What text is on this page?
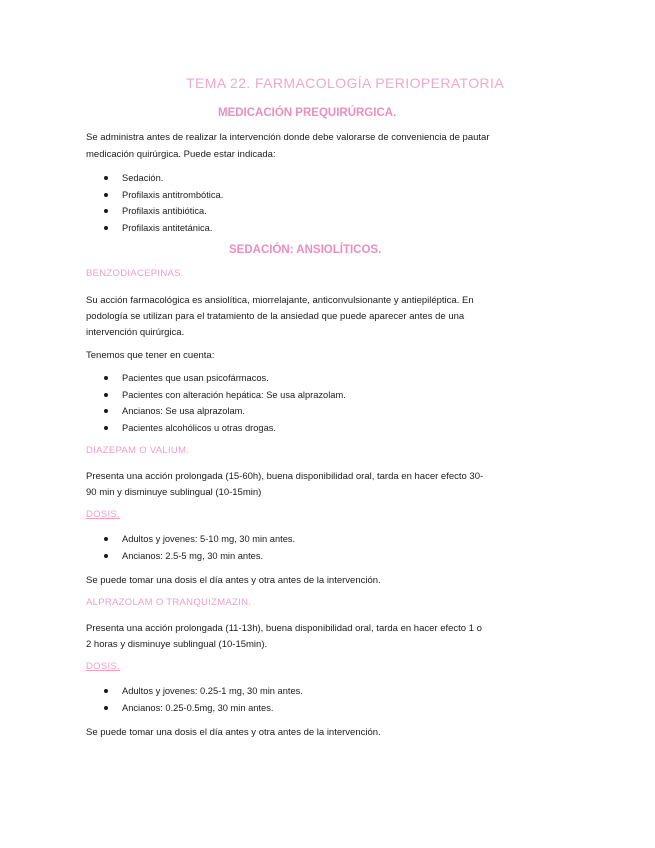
TEMA 22. FARMACOLOGÍA PERIOPERATORIA
MEDICACIÓN PREQUIRÚRGICA.
Se administra antes de realizar la intervención donde debe valorarse de conveniencia de pautar
medicación quirúrgica. Puede estar indicada:
Sedación.
Profilaxis antitrombótica.
Profilaxis antibiótica.
Profilaxis antitetánica.
SEDACIÓN: ANSIOLÍTICOS.
BENZODIACEPINAS.
Su acción farmacológica es ansiolítica, miorrelajante, anticonvulsionante y antiepiléptica. En
podología se utilizan para el tratamiento de la ansiedad que puede aparecer antes de una
intervención quirúrgica.
Tenemos que tener en cuenta:
Pacientes que usan psicofármacos.
Pacientes con alteración hepática: Se usa alprazolam.
Ancianos: Se usa alprazolam.
Pacientes alcohólicos u otras drogas.
DIAZEPAM O VALIUM.
Presenta una acción prolongada (15-60h), buena disponibilidad oral, tarda en hacer efecto 30-
90 min y disminuye sublingual (10-15min)
DOSIS.
Adultos y jovenes: 5-10 mg, 30 min antes.
Ancianos: 2.5-5 mg, 30 min antes.
Se puede tomar una dosis el día antes y otra antes de la intervención.
ALPRAZOLAM O TRANQUIZMAZIN.
Presenta una acción prolongada (11-13h), buena disponibilidad oral, tarda en hacer efecto 1 o
2 horas y disminuye sublingual (10-15min).
DOSIS.
Adultos y jovenes: 0.25-1 mg, 30 min antes.
Ancianos: 0.25-0.5mg, 30 min antes.
Se puede tomar una dosis el día antes y otra antes de la intervención.
